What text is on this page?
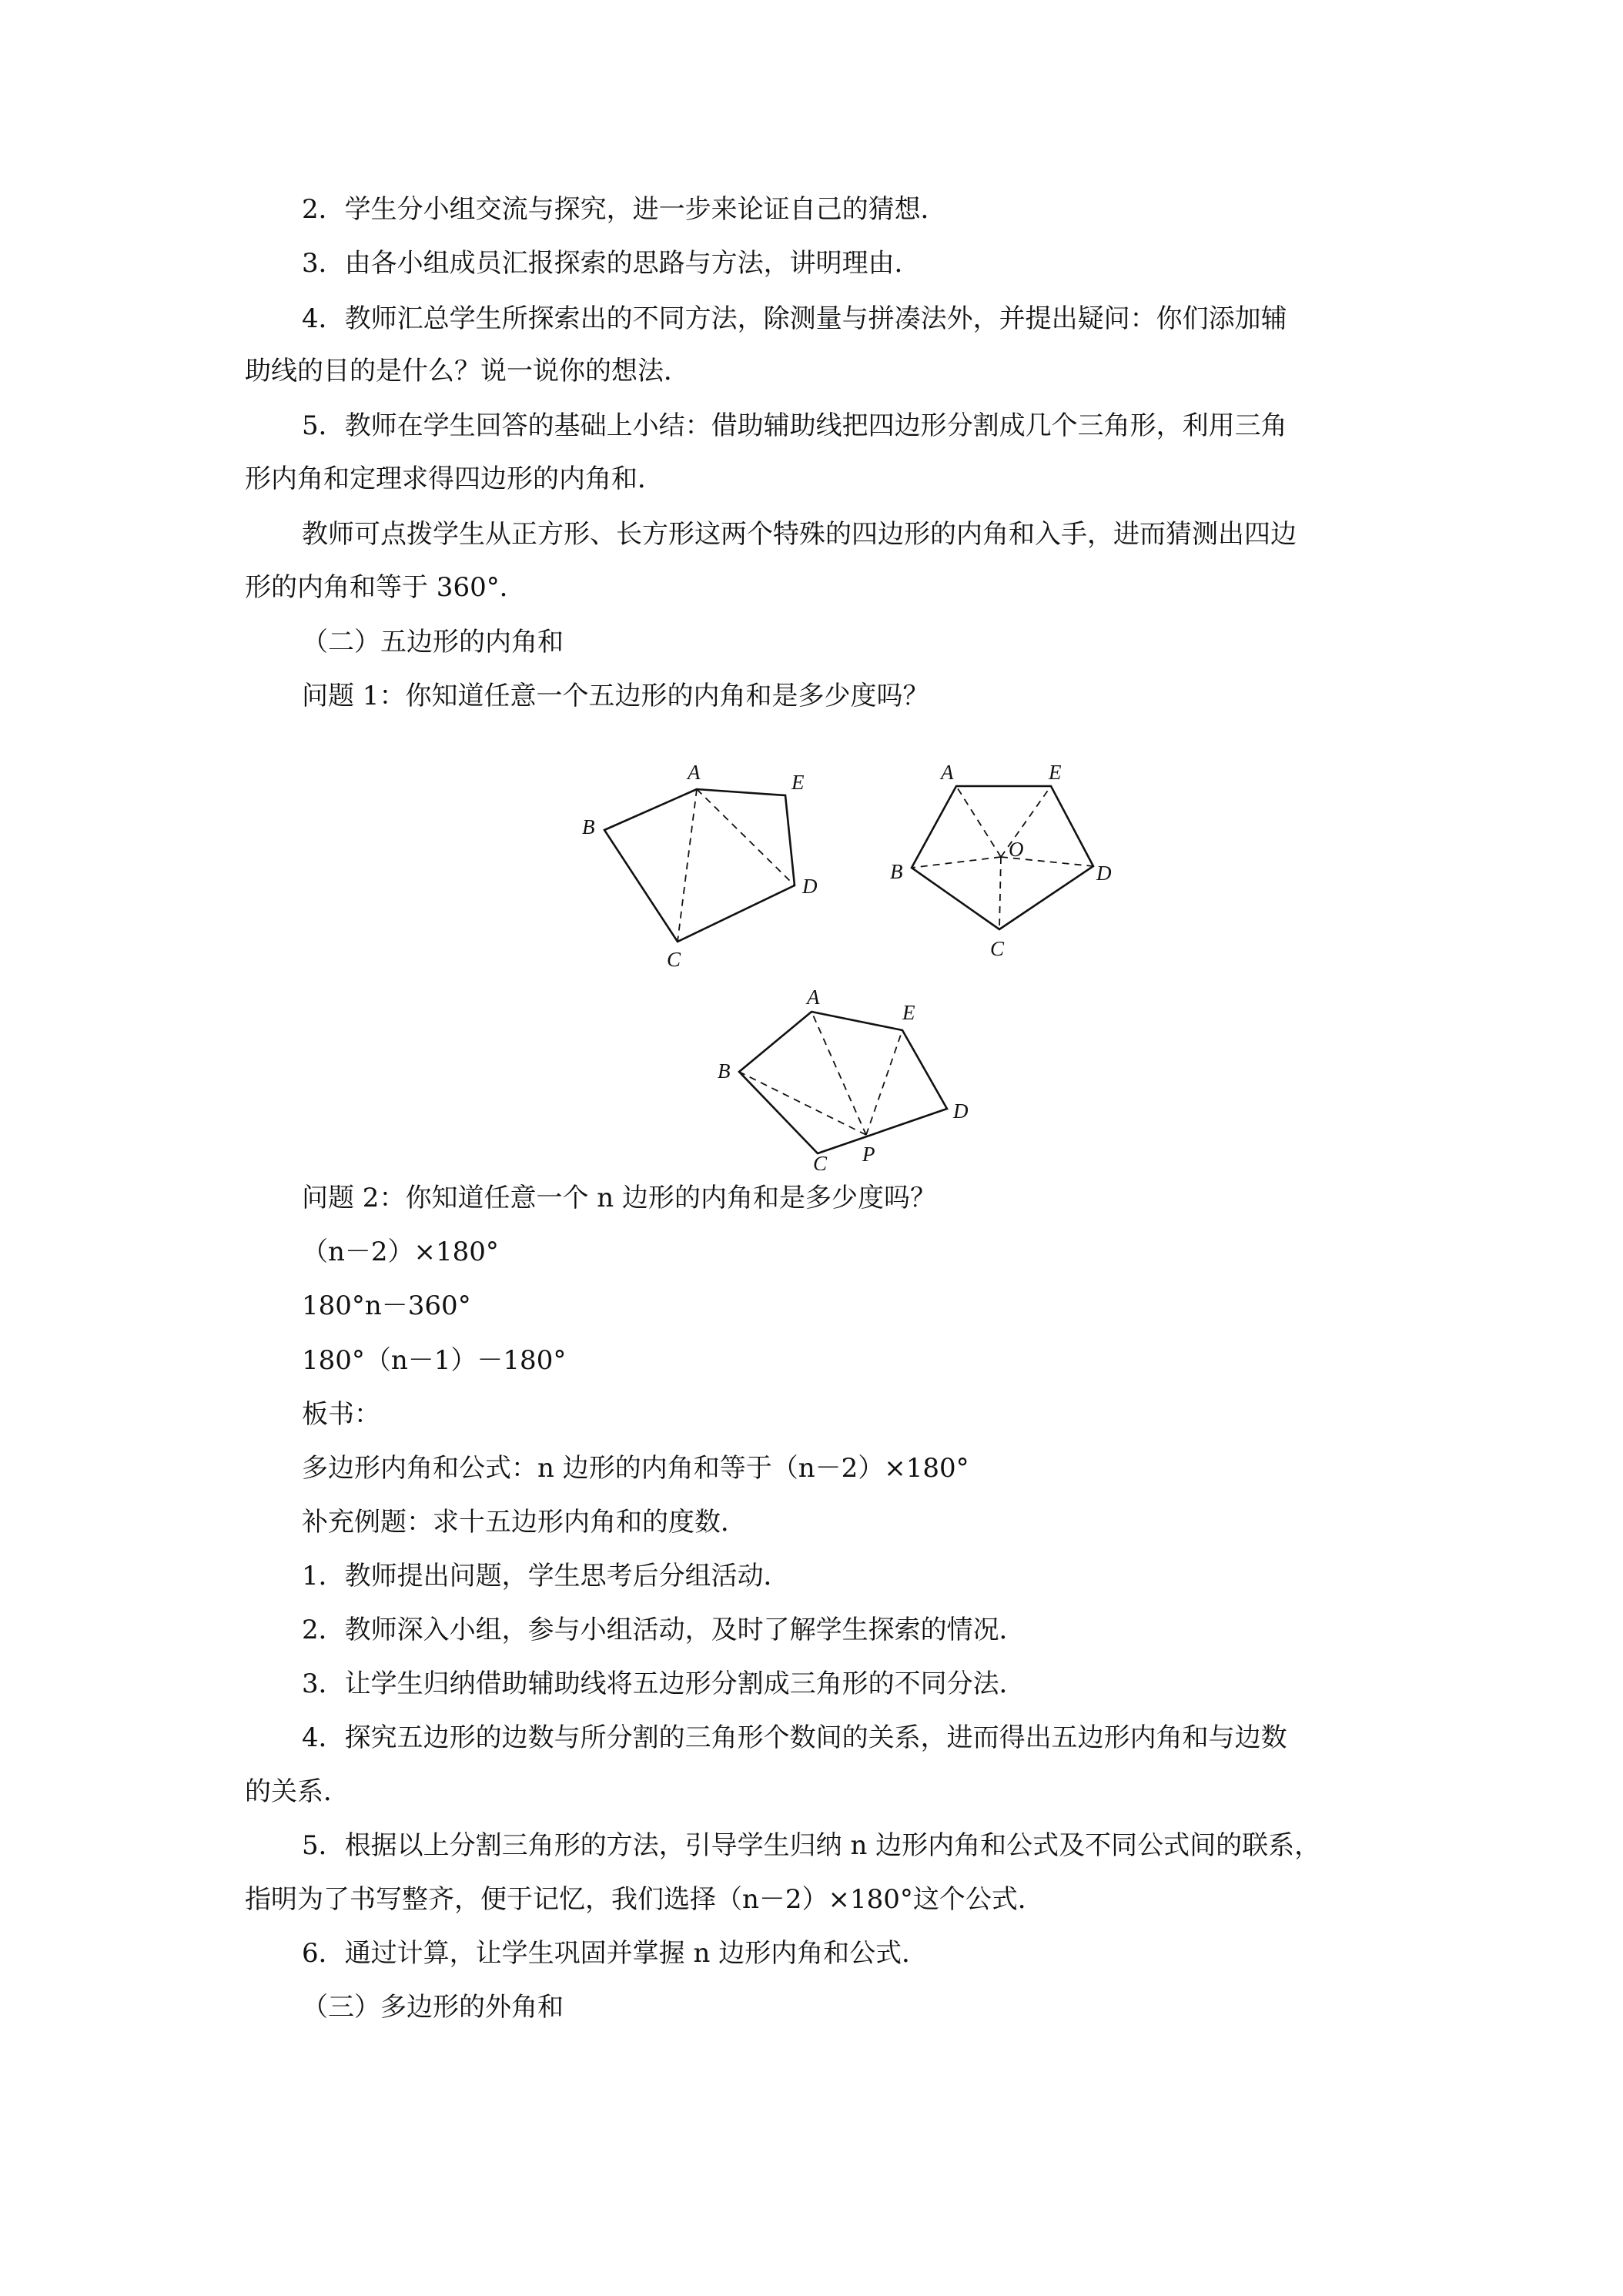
2．学生分小组交流与探究，进一步来论证自己的猜想．
3．由各小组成员汇报探索的思路与方法，讲明理由．
4．教师汇总学生所探索出的不同方法，除测量与拼凑法外，并提出疑问：你们添加辅
助线的目的是什么？说一说你的想法．
5．教师在学生回答的基础上小结：借助辅助线把四边形分割成几个三角形，利用三角
形内角和定理求得四边形的内角和．
教师可点拨学生从正方形、长方形这两个特殊的四边形的内角和入手，进而猜测出四边
形的内角和等于 360°．
（二）五边形的内角和
问题 1：你知道任意一个五边形的内角和是多少度吗？
A	E
B
D
C
A	E
O
B	D
C
A
E
B
D
P
C
问题 2：你知道任意一个 n 边形的内角和是多少度吗？
（n－2）×180°
180°n－360°
180°（n－1）－180°
板书：
多边形内角和公式：n 边形的内角和等于（n－2）×180°
补充例题：求十五边形内角和的度数．
1．教师提出问题，学生思考后分组活动．
2．教师深入小组，参与小组活动，及时了解学生探索的情况．
3．让学生归纳借助辅助线将五边形分割成三角形的不同分法．
4．探究五边形的边数与所分割的三角形个数间的关系，进而得出五边形内角和与边数
的关系．
5．根据以上分割三角形的方法，引导学生归纳 n 边形内角和公式及不同公式间的联系，
指明为了书写整齐，便于记忆，我们选择（n－2）×180°这个公式．
6．通过计算，让学生巩固并掌握 n 边形内角和公式．
（三）多边形的外角和
